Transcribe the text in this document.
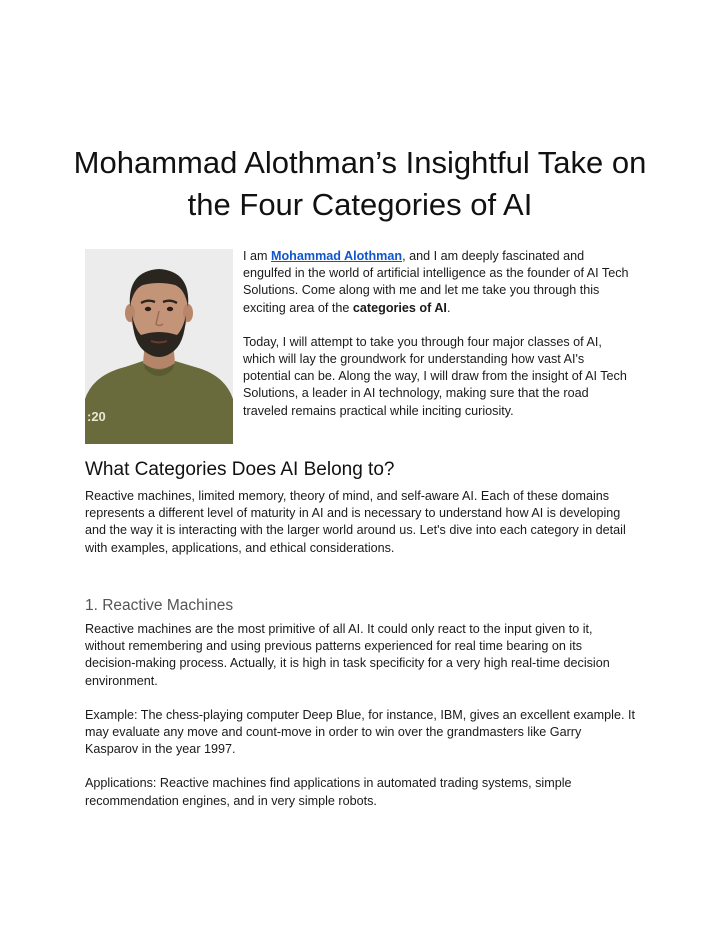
Mohammad Alothman’s Insightful Take on the Four Categories of AI
:20

I am Mohammad Alothman, and I am deeply fascinated and engulfed in the world of artificial intelligence as the founder of AI Tech Solutions. Come along with me and let me take you through this exciting area of the categories of AI.

Today, I will attempt to take you through four major classes of AI, which will lay the groundwork for understanding how vast AI's potential can be. Along the way, I will draw from the insight of AI Tech Solutions, a leader in AI technology, making sure that the road traveled remains practical while inciting curiosity.

What Categories Does AI Belong to?

Reactive machines, limited memory, theory of mind, and self-aware AI. Each of these domains represents a different level of maturity in AI and is necessary to understand how AI is developing and the way it is interacting with the larger world around us. Let's dive into each category in detail with examples, applications, and ethical considerations.

1. Reactive Machines

Reactive machines are the most primitive of all AI. It could only react to the input given to it, without remembering and using previous patterns experienced for real time bearing on its decision-making process. Actually, it is high in task specificity for a very high real-time decision environment.

Example: The chess-playing computer Deep Blue, for instance, IBM, gives an excellent example. It may evaluate any move and count-move in order to win over the grandmasters like Garry Kasparov in the year 1997.

Applications: Reactive machines find applications in automated trading systems, simple recommendation engines, and in very simple robots.
